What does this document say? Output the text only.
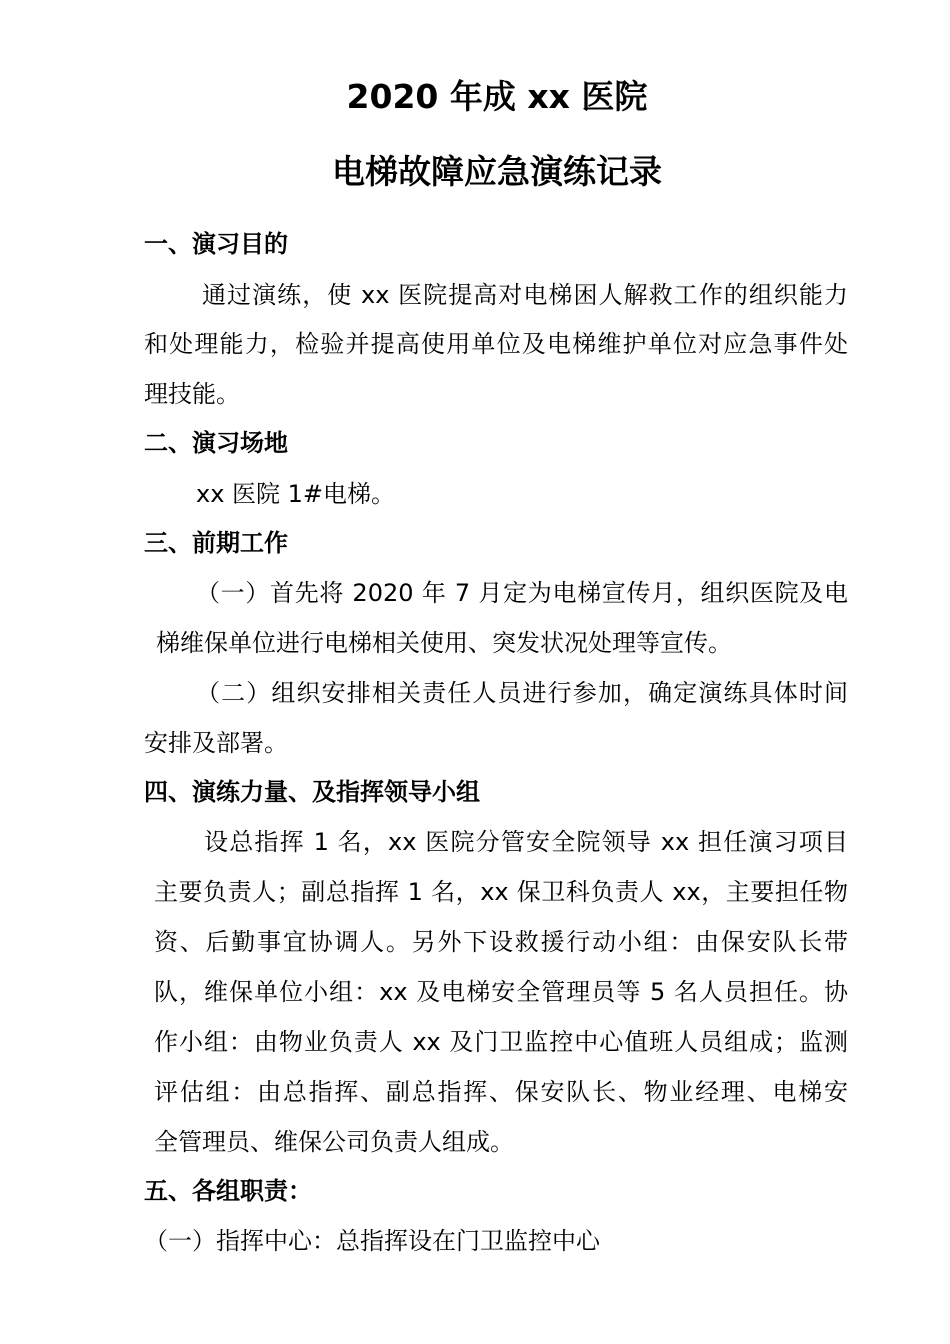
2020 年成 xx 医院
电梯故障应急演练记录
一、演习目的
通过演练，使 xx 医院提高对电梯困人解救工作的组织能力
和处理能力，检验并提高使用单位及电梯维护单位对应急事件处
理技能。
二、演习场地
xx 医院 1#电梯。
三、前期工作
（一）首先将 2020 年 7 月定为电梯宣传月，组织医院及电
梯维保单位进行电梯相关使用、突发状况处理等宣传。
（二）组织安排相关责任人员进行参加，确定演练具体时间
安排及部署。
四、演练力量、及指挥领导小组
设总指挥 1 名，xx 医院分管安全院领导 xx 担任演习项目
主要负责人；副总指挥 1 名，xx 保卫科负责人 xx，主要担任物
资、后勤事宜协调人。另外下设救援行动小组：由保安队长带
队，维保单位小组：xx 及电梯安全管理员等 5 名人员担任。协
作小组：由物业负责人 xx 及门卫监控中心值班人员组成；监测
评估组：由总指挥、副总指挥、保安队长、物业经理、电梯安
全管理员、维保公司负责人组成。
五、各组职责：
（一）指挥中心：总指挥设在门卫监控中心
